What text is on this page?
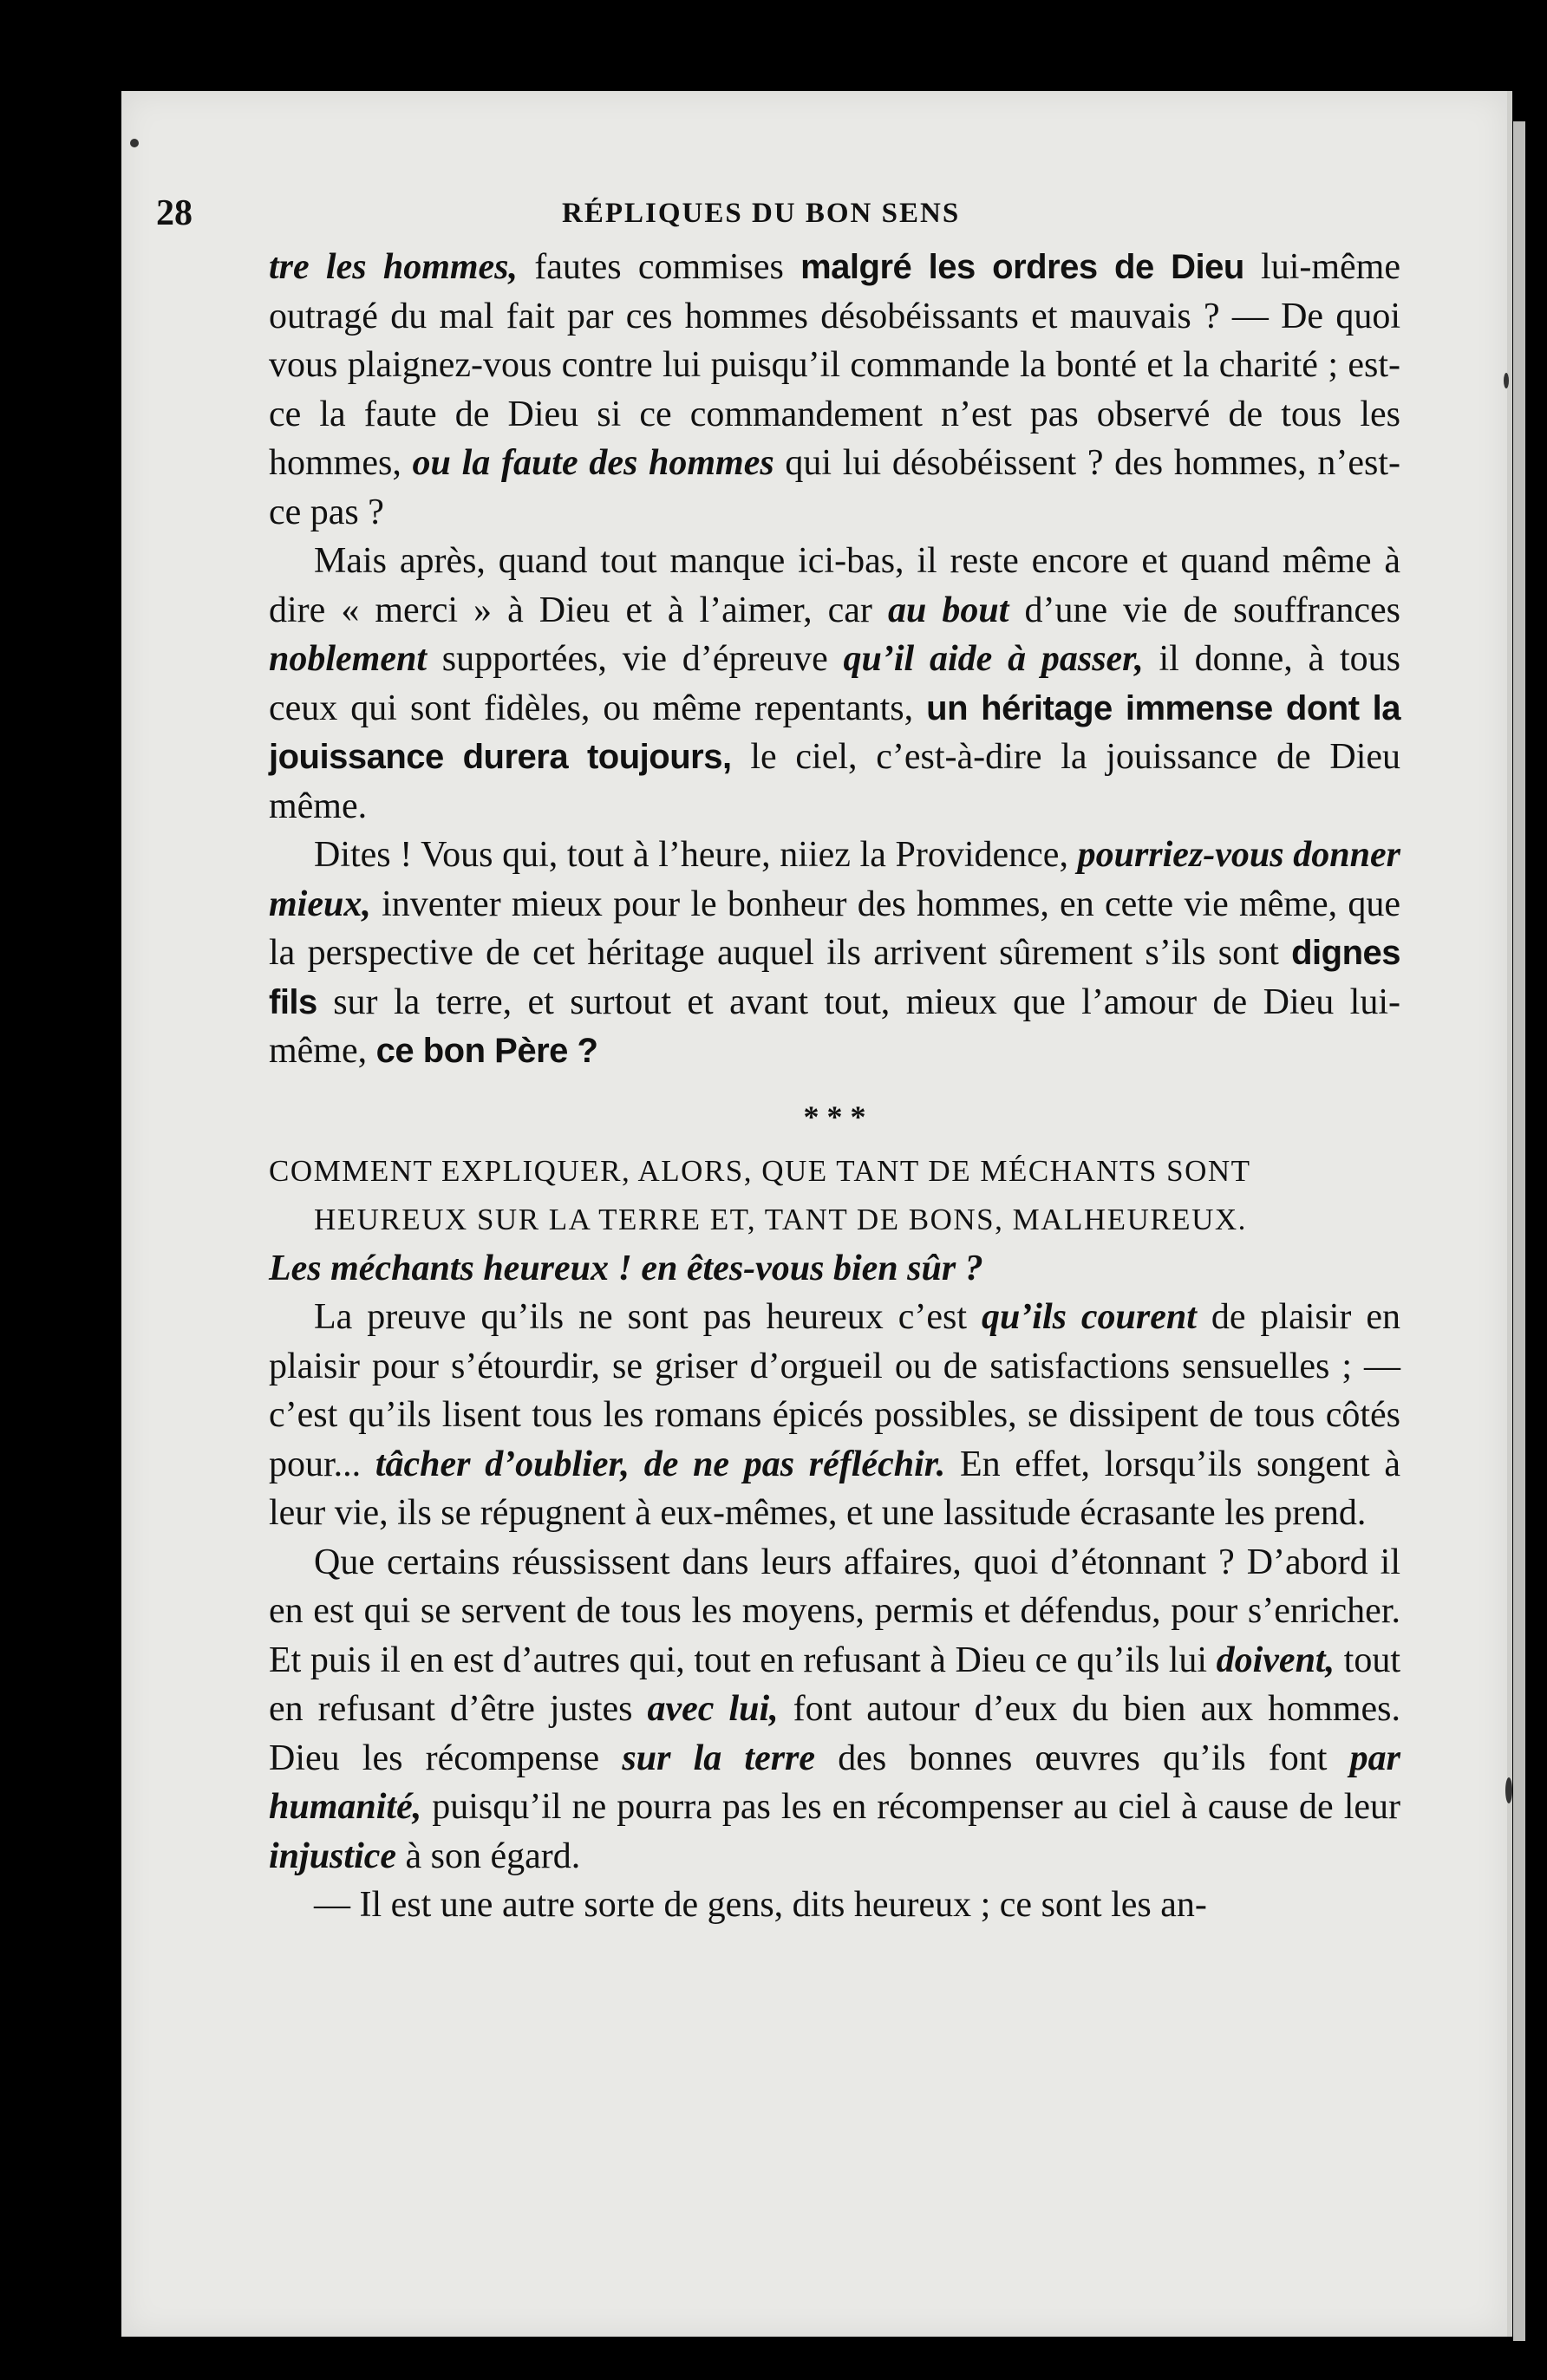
28	RÉPLIQUES DU BON SENS

tre les hommes, fautes commises malgré les ordres de Dieu lui-même outragé du mal fait par ces hommes désobéissants et mauvais ? — De quoi vous plaignez-vous contre lui puisqu’il commande la bonté et la charité ; est-ce la faute de Dieu si ce commandement n’est pas observé de tous les hommes, ou la faute des hommes qui lui désobéissent ? des hommes, n’est-ce pas ?

Mais après, quand tout manque ici-bas, il reste encore et quand même à dire « merci » à Dieu et à l’aimer, car au bout d’une vie de souffrances noblement supportées, vie d’épreuve qu’il aide à passer, il donne, à tous ceux qui sont fidèles, ou même repentants, un héritage immense dont la jouissance durera toujours, le ciel, c’est-à-dire la jouissance de Dieu même.

Dites ! Vous qui, tout à l’heure, niiez la Providence, pourriez-vous donner mieux, inventer mieux pour le bonheur des hommes, en cette vie même, que la perspective de cet héritage auquel ils arrivent sûrement s’ils sont dignes fils sur la terre, et surtout et avant tout, mieux que l’amour de Dieu lui-même, ce bon Père ?

* * *

COMMENT EXPLIQUER, ALORS, QUE TANT DE MÉCHANTS SONT

HEUREUX SUR LA TERRE ET, TANT DE BONS, MALHEUREUX.

Les méchants heureux ! en êtes-vous bien sûr ?

La preuve qu’ils ne sont pas heureux c’est qu’ils courent de plaisir en plaisir pour s’étourdir, se griser d’orgueil ou de satisfactions sensuelles ; — c’est qu’ils lisent tous les romans épicés possibles, se dissipent de tous côtés pour... tâcher d’oublier, de ne pas réfléchir. En effet, lorsqu’ils songent à leur vie, ils se répugnent à eux-mêmes, et une lassitude écrasante les prend.

Que certains réussissent dans leurs affaires, quoi d’étonnant ? D’abord il en est qui se servent de tous les moyens, permis et défendus, pour s’enricher. Et puis il en est d’autres qui, tout en refusant à Dieu ce qu’ils lui doivent, tout en refusant d’être justes avec lui, font autour d’eux du bien aux hommes. Dieu les récompense sur la terre des bonnes œuvres qu’ils font par humanité, puisqu’il ne pourra pas les en récompenser au ciel à cause de leur injustice à son égard.

— Il est une autre sorte de gens, dits heureux ; ce sont les an-
